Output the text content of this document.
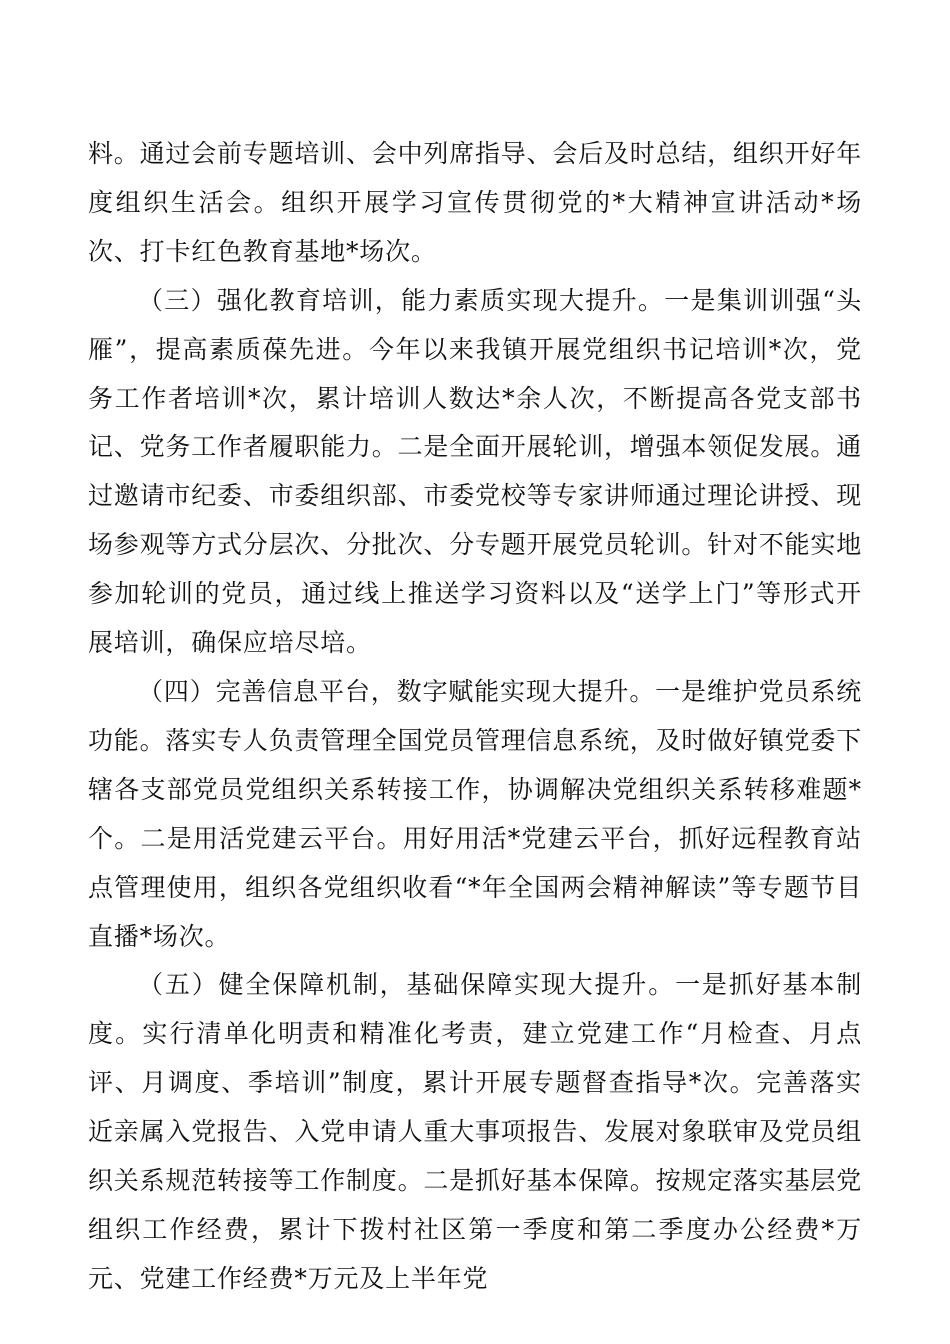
料。通过会前专题培训、会中列席指导、会后及时总结，组织开好年度组织生活会。组织开展学习宣传贯彻党的*大精神宣讲活动*场次、打卡红色教育基地*场次。

（三）强化教育培训，能力素质实现大提升。一是集训训强“头雁”，提高素质葆先进。今年以来我镇开展党组织书记培训*次，党务工作者培训*次，累计培训人数达*余人次，不断提高各党支部书记、党务工作者履职能力。二是全面开展轮训，增强本领促发展。通过邀请市纪委、市委组织部、市委党校等专家讲师通过理论讲授、现场参观等方式分层次、分批次、分专题开展党员轮训。针对不能实地参加轮训的党员，通过线上推送学习资料以及“送学上门”等形式开展培训，确保应培尽培。

（四）完善信息平台，数字赋能实现大提升。一是维护党员系统功能。落实专人负责管理全国党员管理信息系统，及时做好镇党委下辖各支部党员党组织关系转接工作，协调解决党组织关系转移难题*个。二是用活党建云平台。用好用活*党建云平台，抓好远程教育站点管理使用，组织各党组织收看“*年全国两会精神解读”等专题节目直播*场次。

（五）健全保障机制，基础保障实现大提升。一是抓好基本制度。实行清单化明责和精准化考责，建立党建工作“月检查、月点评、月调度、季培训”制度，累计开展专题督查指导*次。完善落实近亲属入党报告、入党申请人重大事项报告、发展对象联审及党员组织关系规范转接等工作制度。二是抓好基本保障。按规定落实基层党组织工作经费，累计下拨村社区第一季度和第二季度办公经费*万元、党建工作经费*万元及上半年党
